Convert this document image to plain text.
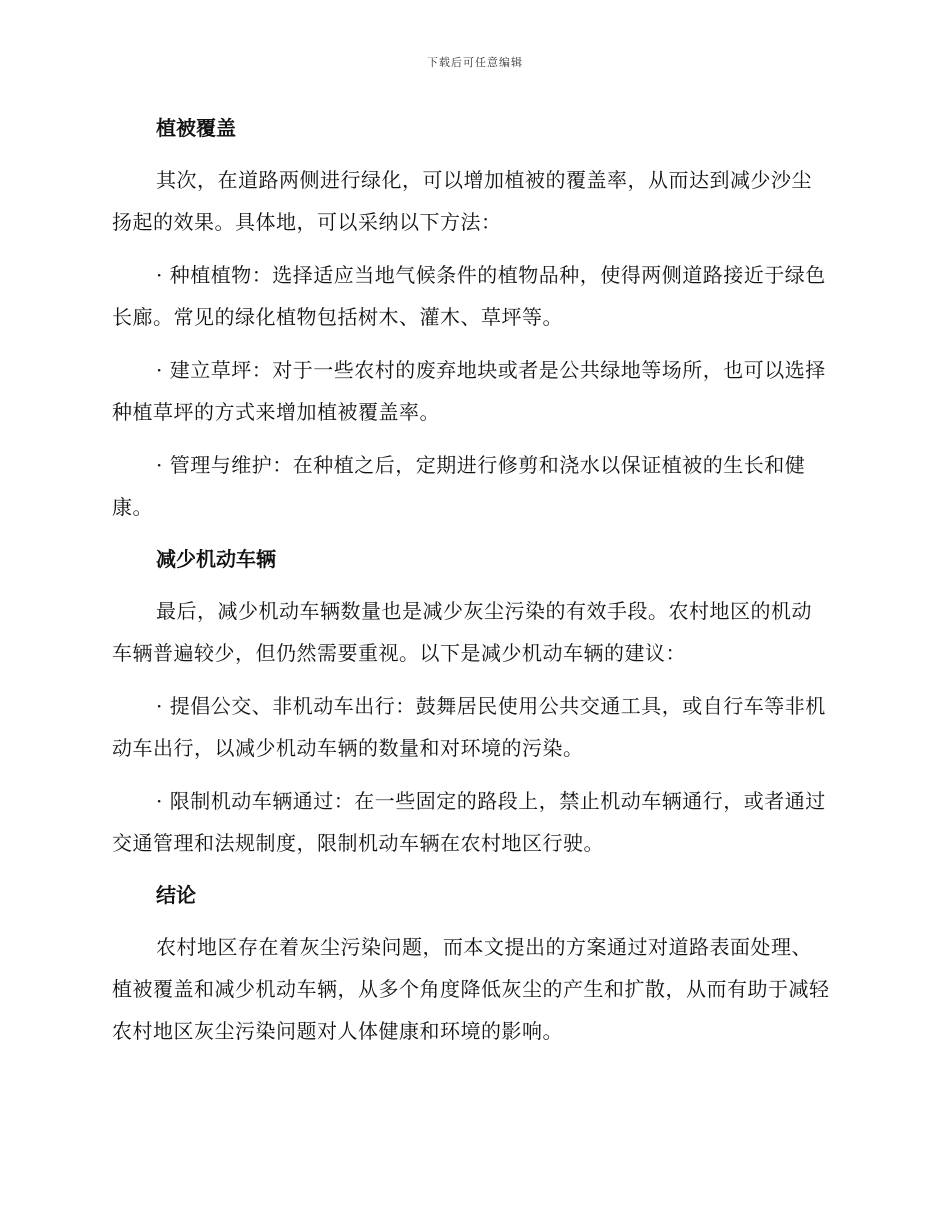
下载后可任意编辑
植被覆盖

其次，在道路两侧进行绿化，可以增加植被的覆盖率，从而达到减少沙尘扬起的效果。具体地，可以采纳以下方法：

· 种植植物：选择适应当地气候条件的植物品种，使得两侧道路接近于绿色长廊。常见的绿化植物包括树木、灌木、草坪等。

· 建立草坪：对于一些农村的废弃地块或者是公共绿地等场所，也可以选择种植草坪的方式来增加植被覆盖率。

· 管理与维护：在种植之后，定期进行修剪和浇水以保证植被的生长和健康。

减少机动车辆

最后，减少机动车辆数量也是减少灰尘污染的有效手段。农村地区的机动车辆普遍较少，但仍然需要重视。以下是减少机动车辆的建议：

· 提倡公交、非机动车出行：鼓舞居民使用公共交通工具，或自行车等非机动车出行，以减少机动车辆的数量和对环境的污染。

· 限制机动车辆通过：在一些固定的路段上，禁止机动车辆通行，或者通过交通管理和法规制度，限制机动车辆在农村地区行驶。

结论

农村地区存在着灰尘污染问题，而本文提出的方案通过对道路表面处理、植被覆盖和减少机动车辆，从多个角度降低灰尘的产生和扩散，从而有助于减轻农村地区灰尘污染问题对人体健康和环境的影响。
